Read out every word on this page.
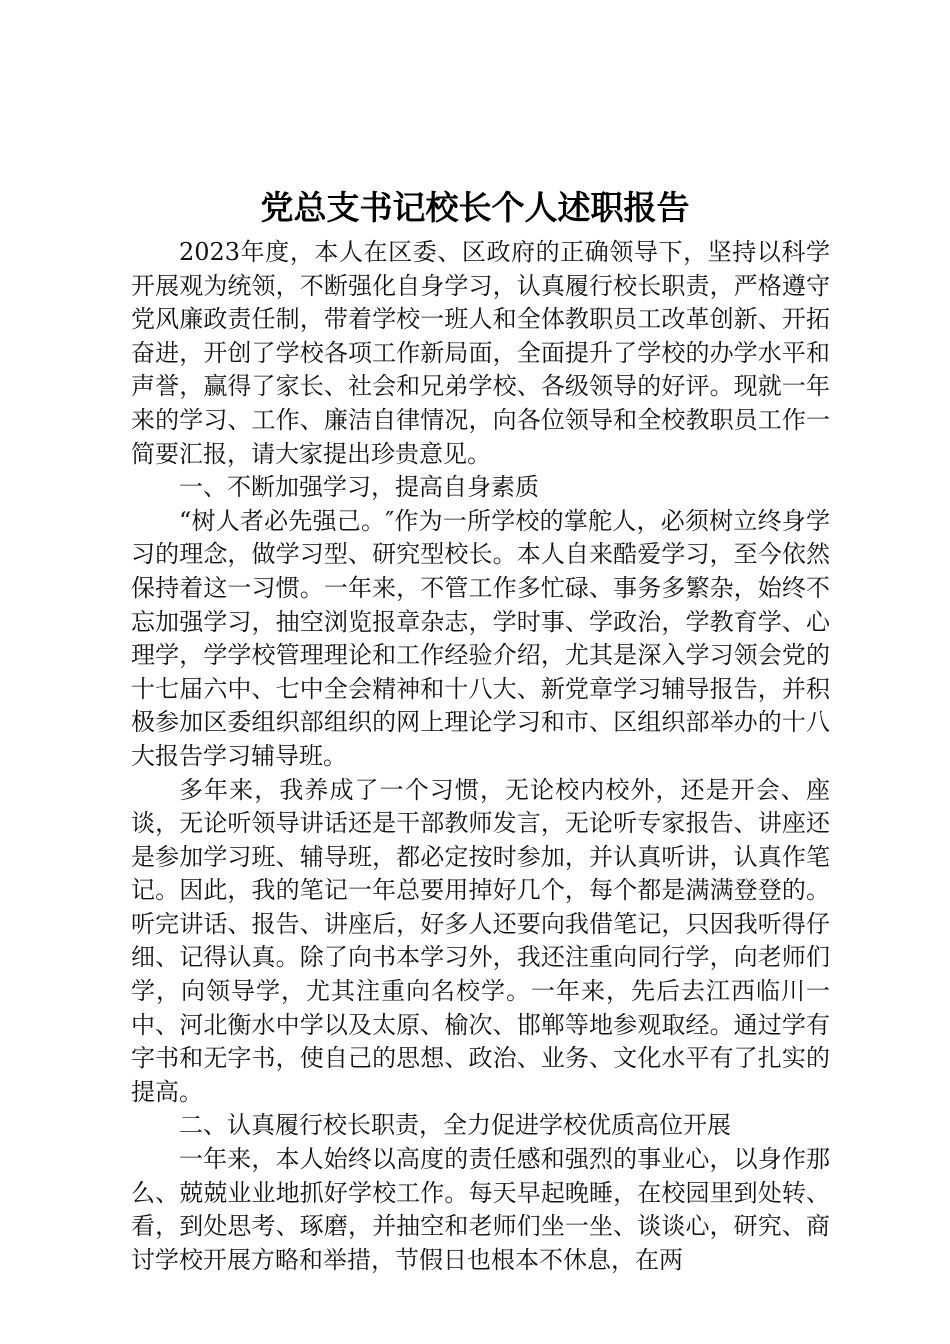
党总支书记校长个人述职报告

2023年度，本人在区委、区政府的正确领导下，坚持以科学开展观为统领，不断强化自身学习，认真履行校长职责，严格遵守党风廉政责任制，带着学校一班人和全体教职员工改革创新、开拓奋进，开创了学校各项工作新局面，全面提升了学校的办学水平和声誉，赢得了家长、社会和兄弟学校、各级领导的好评。现就一年来的学习、工作、廉洁自律情况，向各位领导和全校教职员工作一简要汇报，请大家提出珍贵意见。

一、不断加强学习，提高自身素质

“树人者必先强己。″作为一所学校的掌舵人，必须树立终身学习的理念，做学习型、研究型校长。本人自来酷爱学习，至今依然保持着这一习惯。一年来，不管工作多忙碌、事务多繁杂，始终不忘加强学习，抽空浏览报章杂志，学时事、学政治，学教育学、心理学，学学校管理理论和工作经验介绍，尤其是深入学习领会党的十七届六中、七中全会精神和十八大、新党章学习辅导报告，并积极参加区委组织部组织的网上理论学习和市、区组织部举办的十八大报告学习辅导班。

多年来，我养成了一个习惯，无论校内校外，还是开会、座谈，无论听领导讲话还是干部教师发言，无论听专家报告、讲座还是参加学习班、辅导班，都必定按时参加，并认真听讲，认真作笔记。因此，我的笔记一年总要用掉好几个，每个都是满满登登的。听完讲话、报告、讲座后，好多人还要向我借笔记，只因我听得仔细、记得认真。除了向书本学习外，我还注重向同行学，向老师们学，向领导学，尤其注重向名校学。一年来，先后去江西临川一中、河北衡水中学以及太原、榆次、邯郸等地参观取经。通过学有字书和无字书，使自己的思想、政治、业务、文化水平有了扎实的提高。

二、认真履行校长职责，全力促进学校优质高位开展

一年来，本人始终以高度的责任感和强烈的事业心，以身作那么、兢兢业业地抓好学校工作。每天早起晚睡，在校园里到处转、看，到处思考、琢磨，并抽空和老师们坐一坐、谈谈心，研究、商讨学校开展方略和举措，节假日也根本不休息，在两
